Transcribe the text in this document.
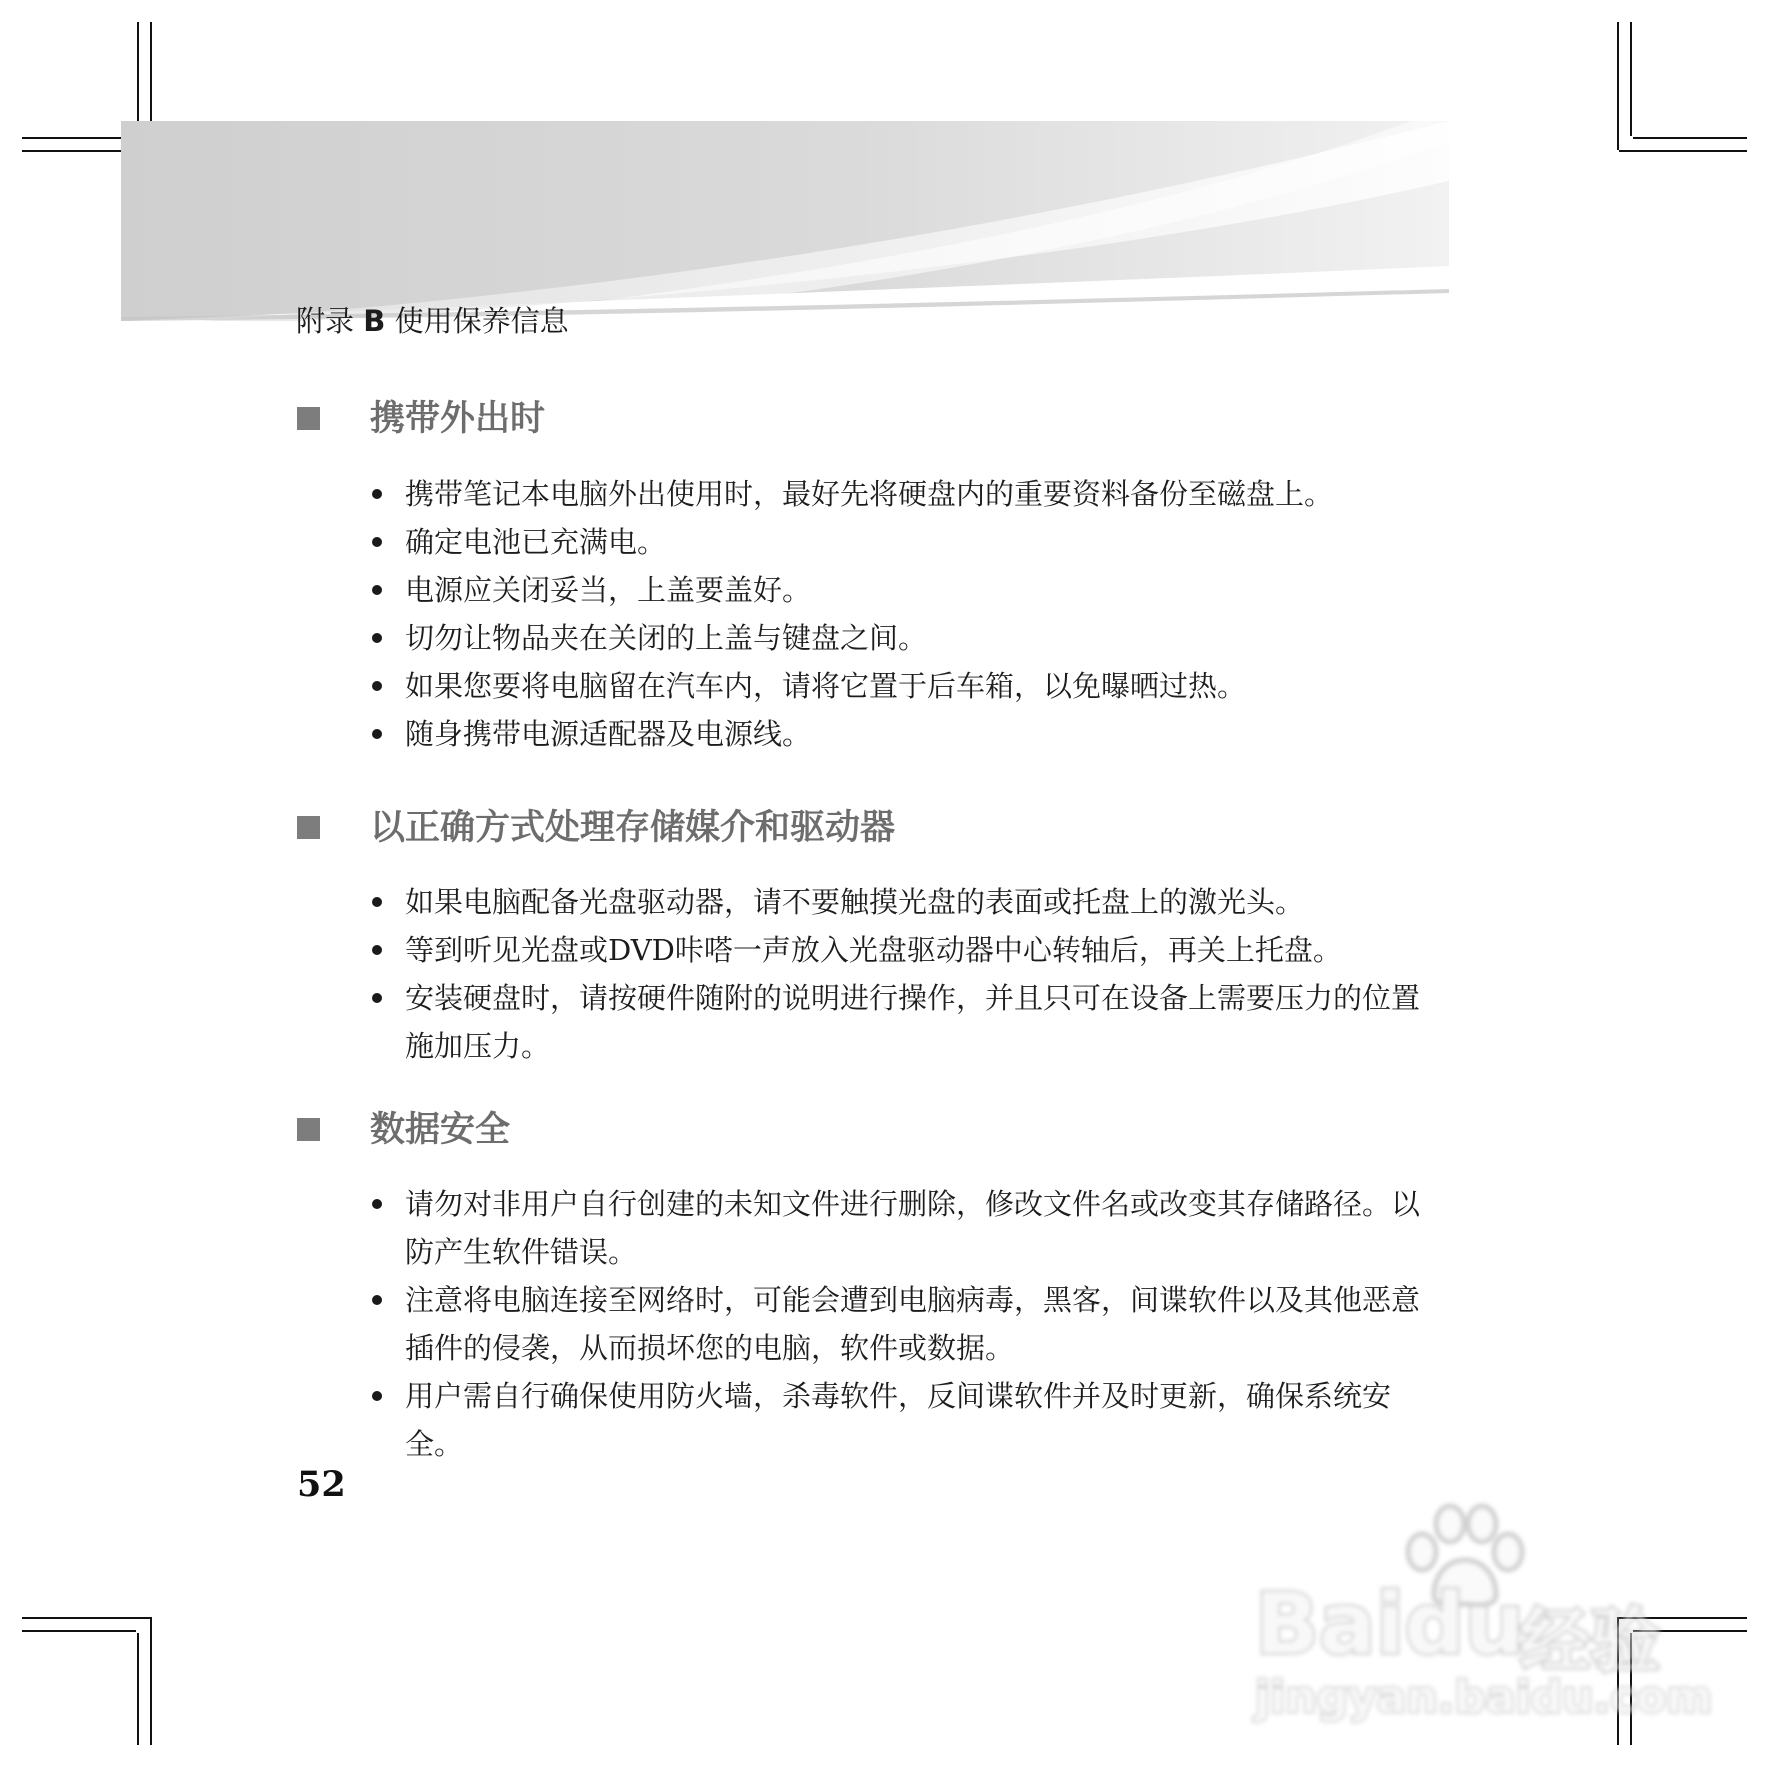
附录 B 使用保养信息
携带外出时
携带笔记本电脑外出使用时，最好先将硬盘内的重要资料备份至磁盘上。
确定电池已充满电。
电源应关闭妥当，上盖要盖好。
切勿让物品夹在关闭的上盖与键盘之间。
如果您要将电脑留在汽车内，请将它置于后车箱，以免曝晒过热。
随身携带电源适配器及电源线。
以正确方式处理存储媒介和驱动器
如果电脑配备光盘驱动器，请不要触摸光盘的表面或托盘上的激光头。
等到听见光盘或DVD咔嗒一声放入光盘驱动器中心转轴后，再关上托盘。
安装硬盘时，请按硬件随附的说明进行操作，并且只可在设备上需要压力的位置施加压力。
数据安全
请勿对非用户自行创建的未知文件进行删除，修改文件名或改变其存储路径。以防产生软件错误。
注意将电脑连接至网络时，可能会遭到电脑病毒，黑客，间谍软件以及其他恶意插件的侵袭，从而损坏您的电脑，软件或数据。
用户需自行确保使用防火墙，杀毒软件，反间谍软件并及时更新，确保系统安全。
52
Baidu
经验
jingyan.baidu.com
